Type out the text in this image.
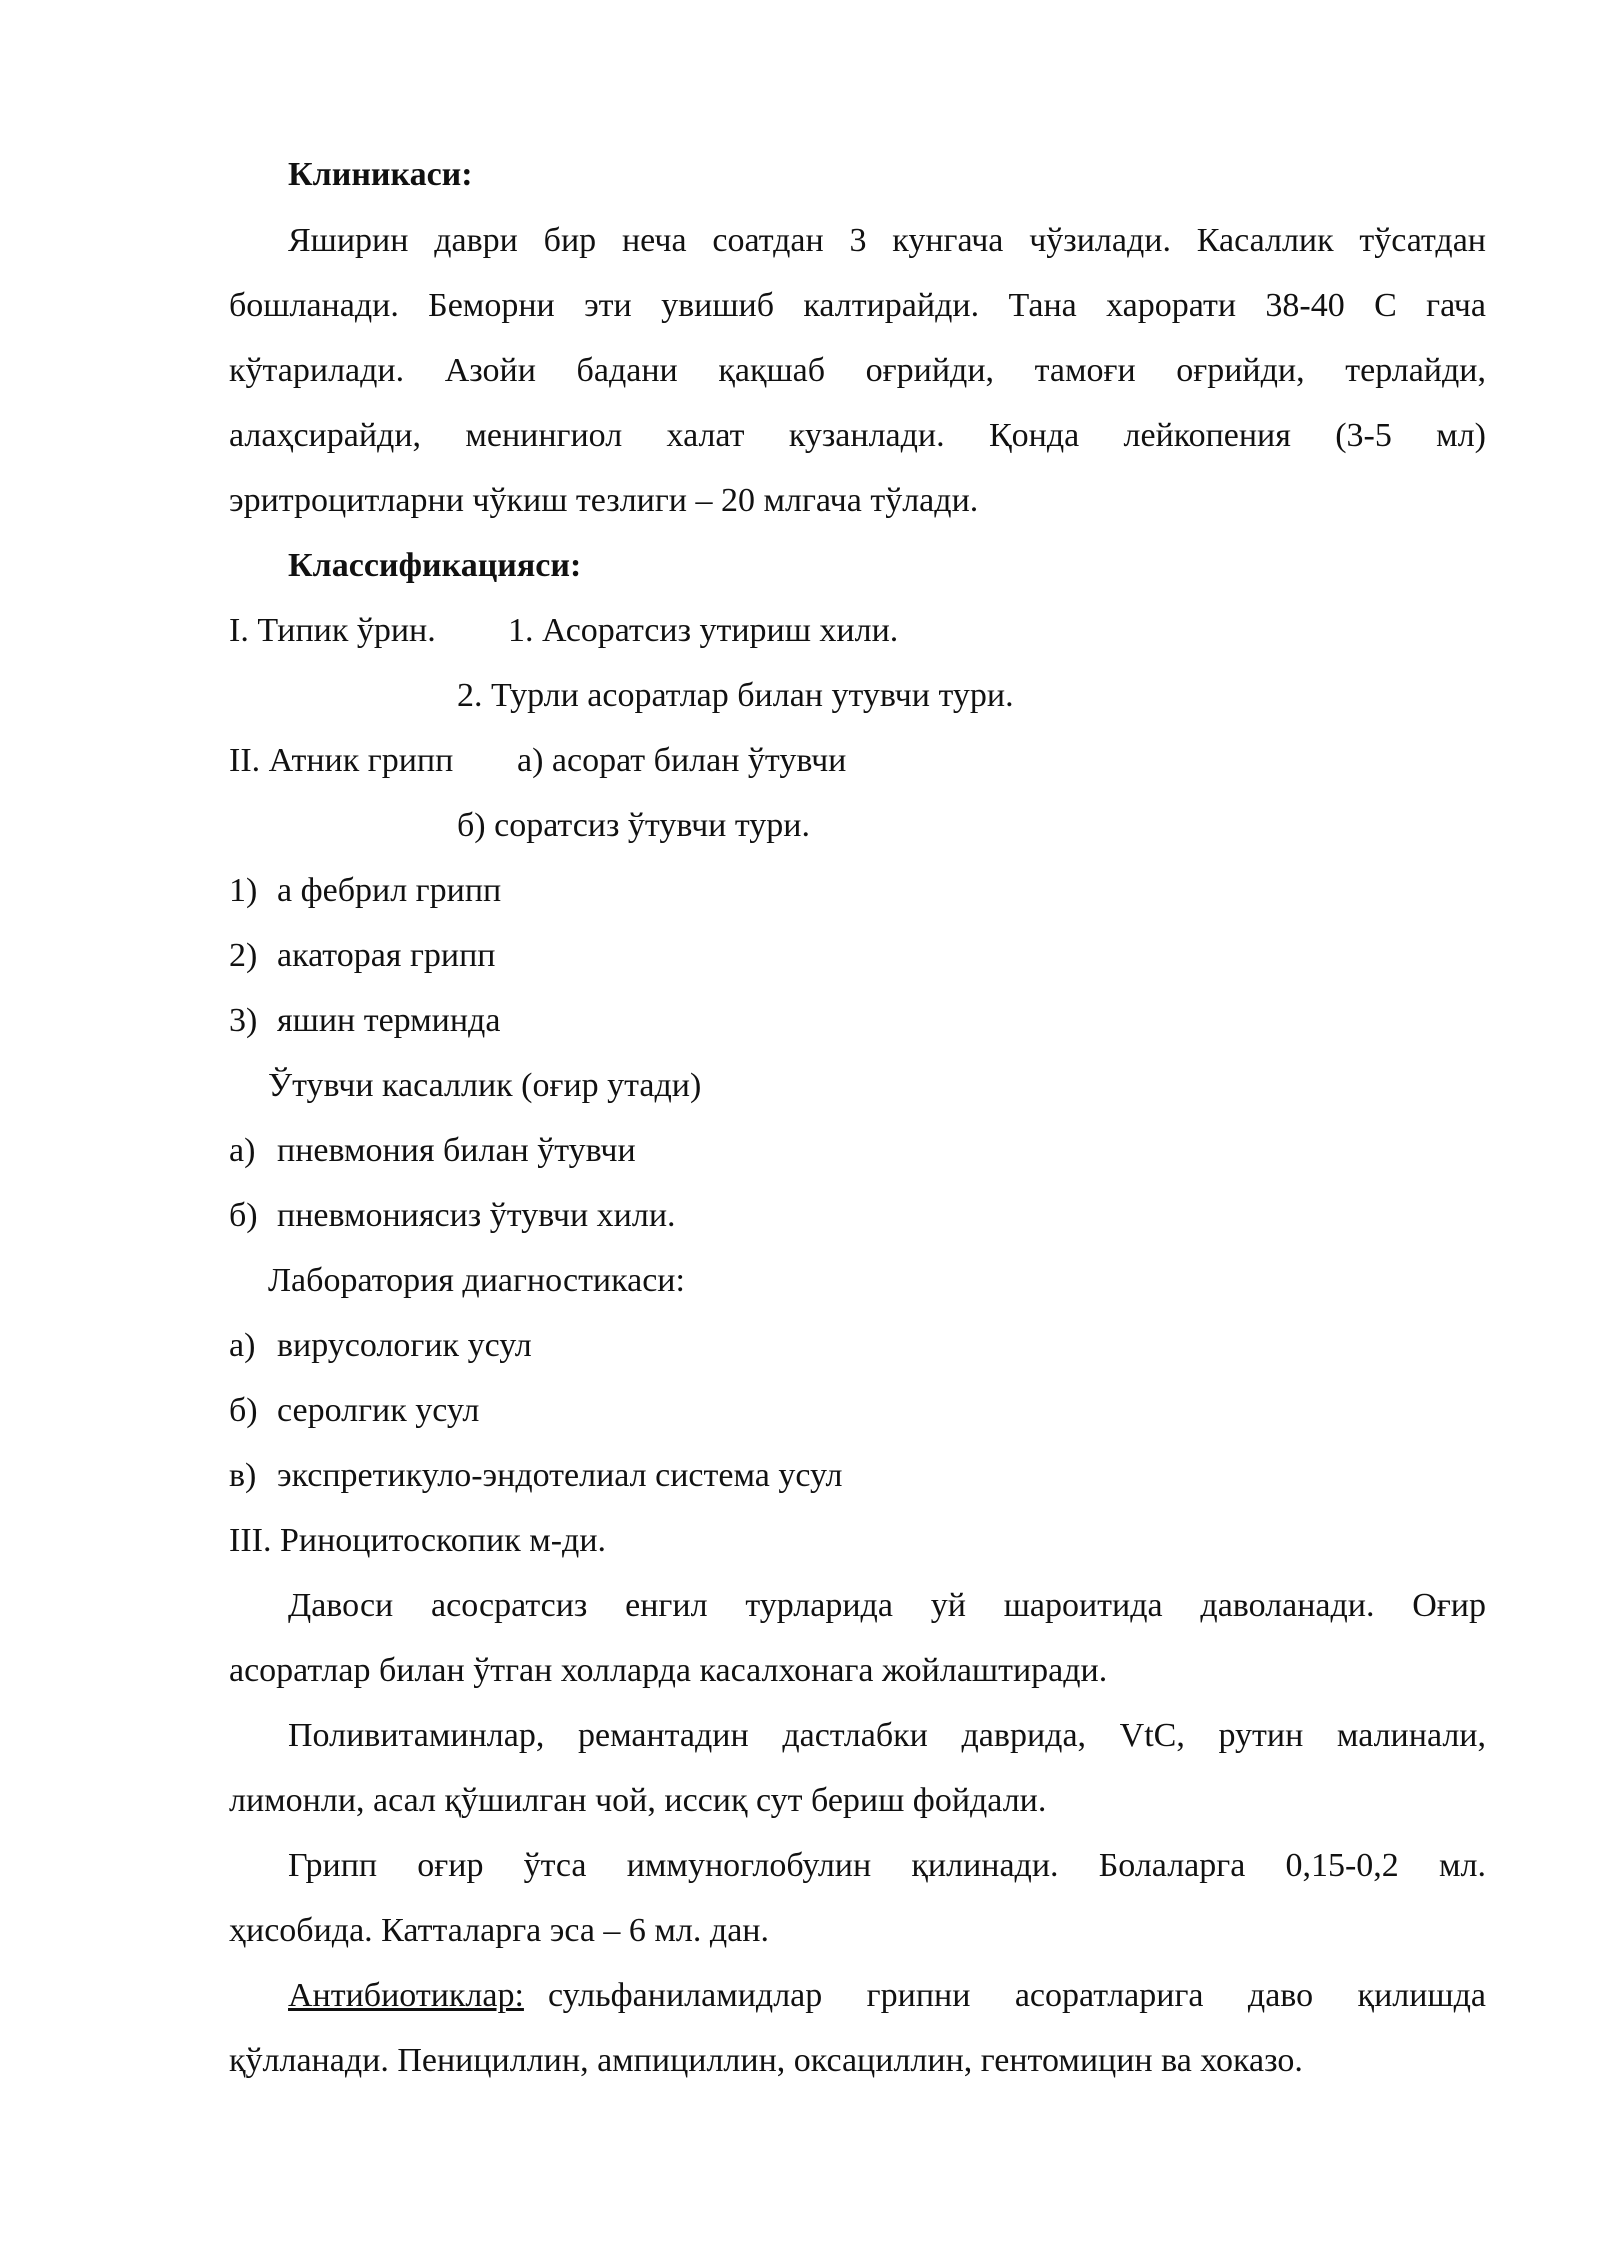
Клиникаси:
Яширин даври бир неча соатдан 3 кунгача чўзилади. Касаллик тўсатдан
бошланади. Беморни эти увишиб калтирайди. Тана харорати 38-40 С гача
кўтарилади. Азойи бадани қақшаб оғрийди, тамоғи оғрийди, терлайди,
алаҳсирайди, менингиол халат кузанлади. Қонда лейкопения (3-5 мл)
эритроцитларни чўкиш тезлиги – 20 млгача тўлади.
Классификацияси:
I. Типик ўрин. 1. Асоратсиз утириш хили.
2. Турли асоратлар билан утувчи тури.
II. Атник грипп а) асорат билан ўтувчи
б) соратсиз ўтувчи тури.
1) а фебрил грипп
2) акаторая грипп
3) яшин терминда
Ўтувчи касаллик (оғир утади)
а) пневмония билан ўтувчи
б) пневмониясиз ўтувчи хили.
Лаборатория диагностикаси:
а) вирусологик усул
б) серолгик усул
в) экспретикуло-эндотелиал система усул
III. Риноцитоскопик м-ди.
Давоси асосратсиз енгил турларида уй шароитида даволанади. Оғир
асоратлар билан ўтган холларда касалхонага жойлаштиради.
Поливитаминлар, ремантадин дастлабки даврида, VtC, рутин малинали,
лимонли, асал қўшилган чой, иссиқ сут бериш фойдали.
Грипп оғир ўтса иммуноглобулин қилинади. Болаларга 0,15-0,2 мл.
ҳисобида. Катталарга эса – 6 мл. дан.
Антибиотиклар: сульфаниламидлар грипни асоратларига даво қилишда
қўлланади. Пенициллин, ампициллин, оксациллин, гентомицин ва хоказо.
